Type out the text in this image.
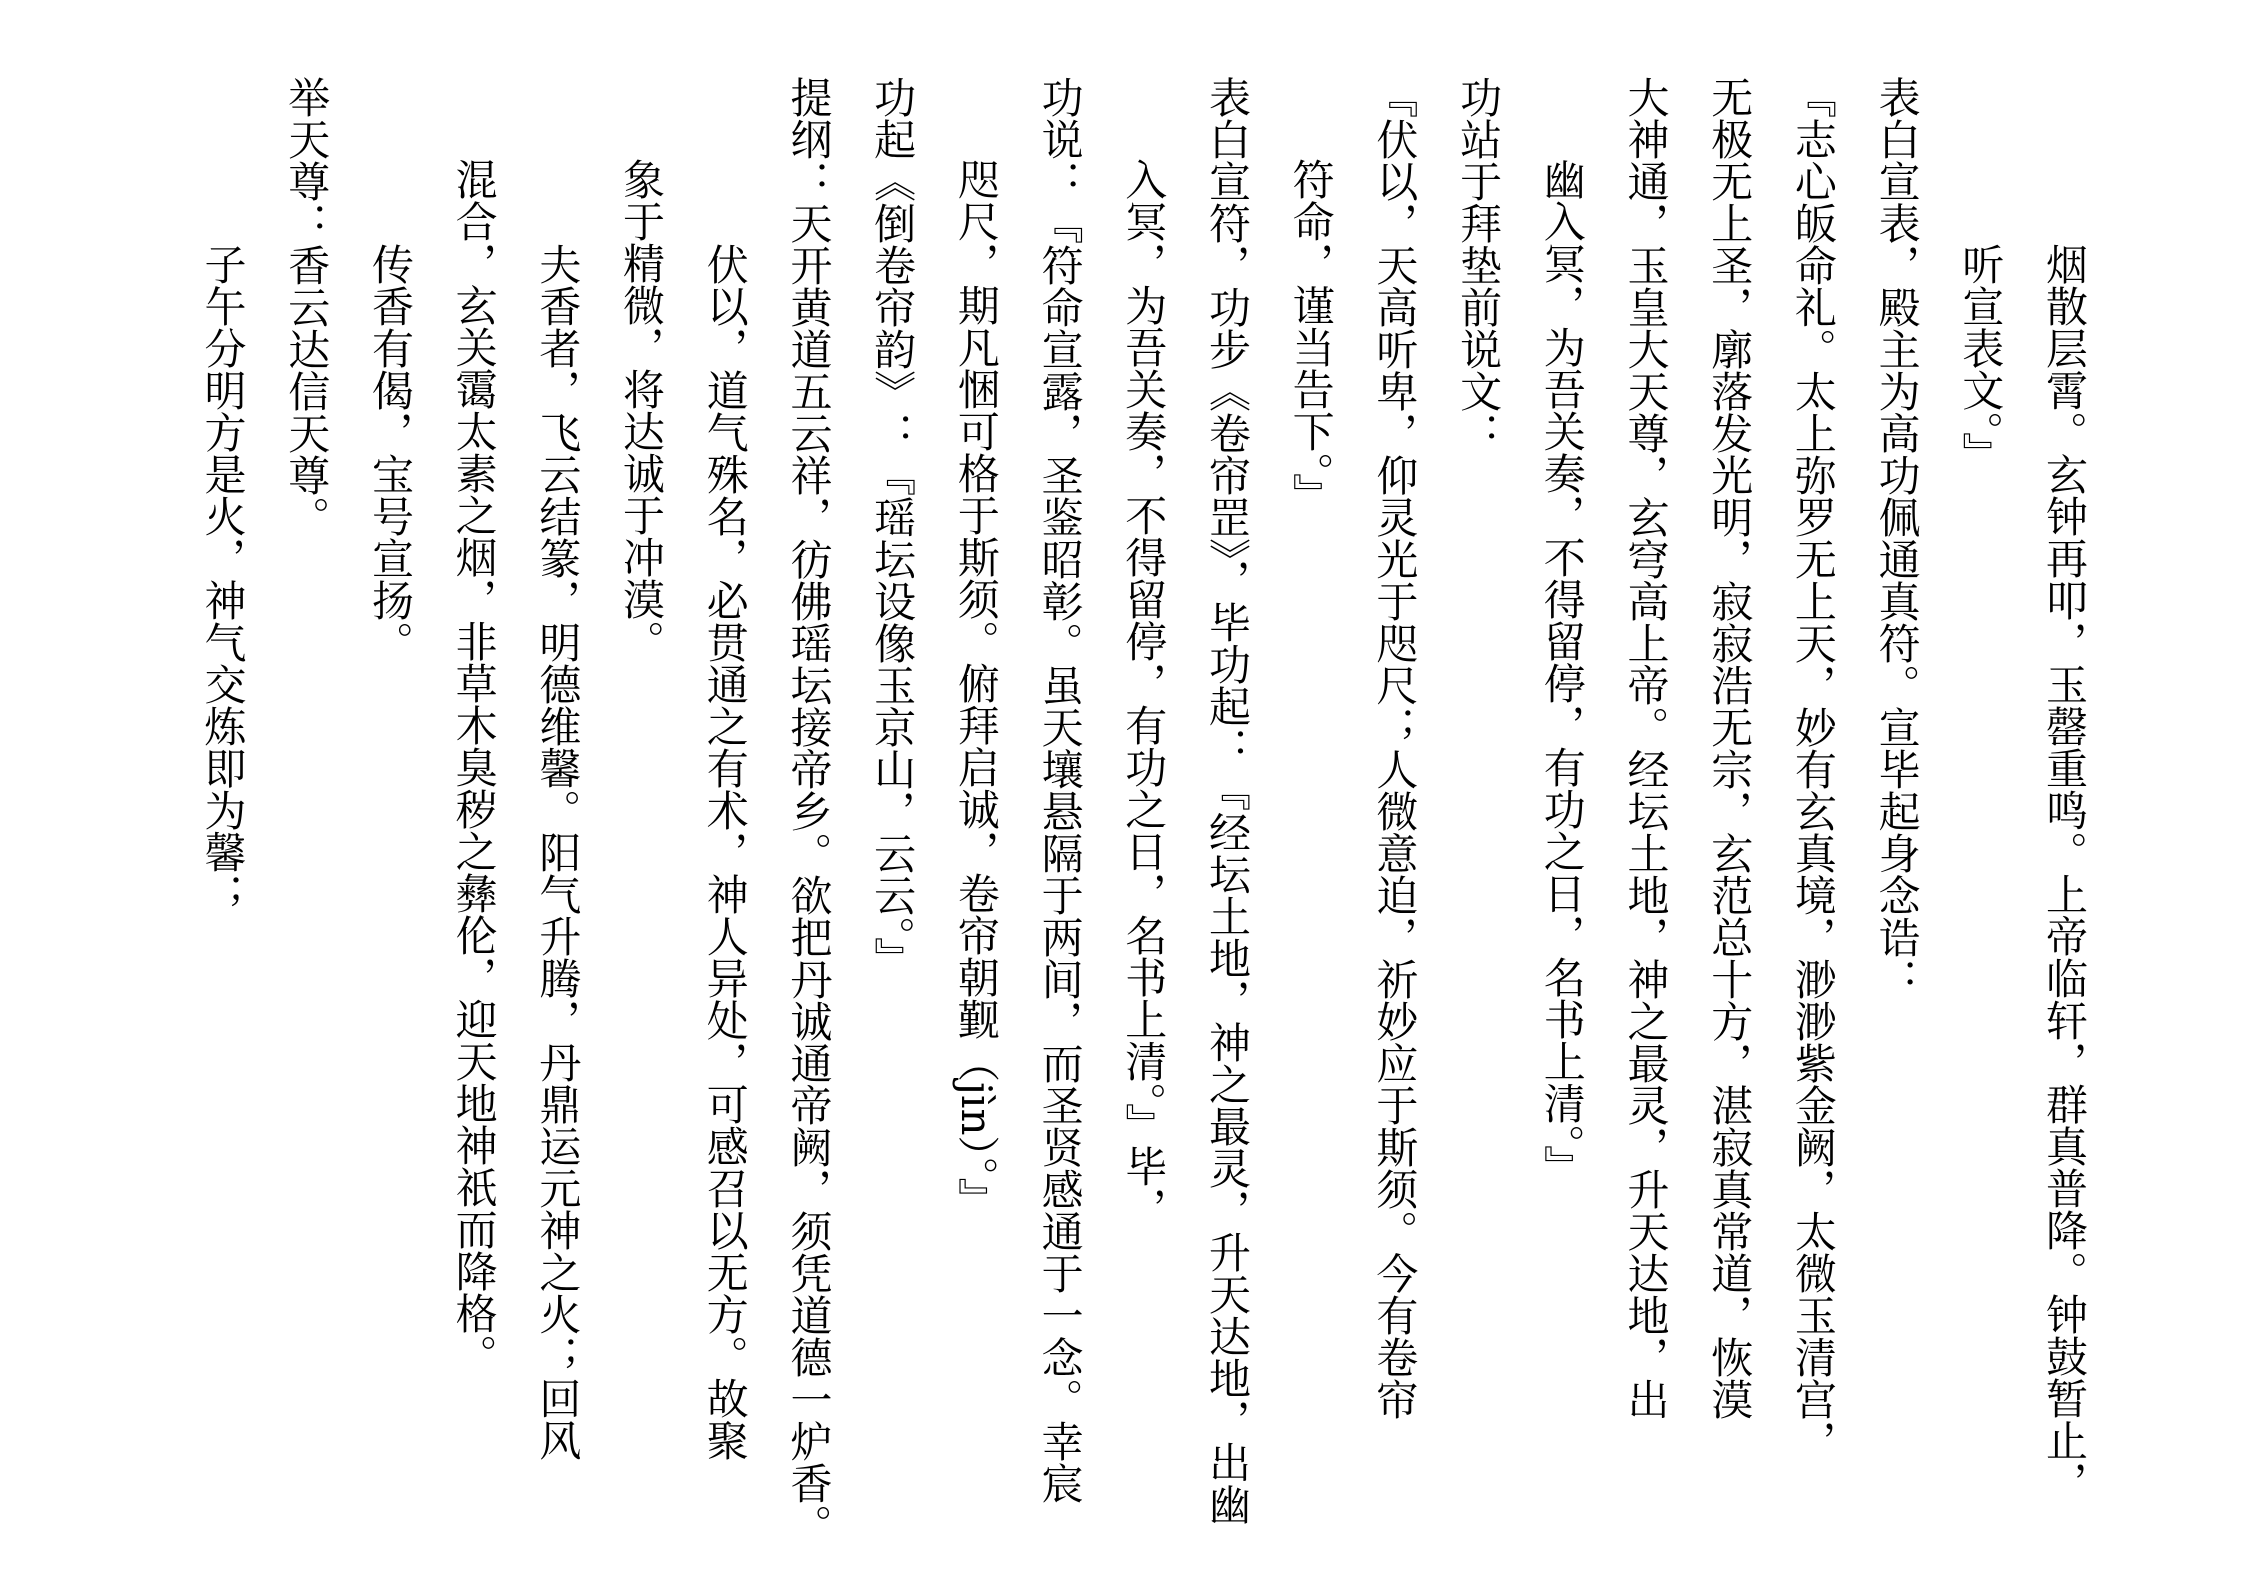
烟散层霄。玄钟再叩，玉罄重鸣。上帝临轩，群真普降。钟鼓暂止，
听宣表文。』
表白宣表，殿主为高功佩通真符。宣毕起身念诰：
『志心皈命礼。太上弥罗无上天，妙有玄真境，渺渺紫金阙，太微玉清宫，
无极无上圣，廓落发光明，寂寂浩无宗，玄范总十方，湛寂真常道，恢漠
大神通，玉皇大天尊，玄穹高上帝。经坛土地，神之最灵，升天达地，出
幽入冥，为吾关奏，不得留停，有功之日，名书上清。』
功站于拜垫前说文：
『伏以，天高听卑，仰灵光于咫尺；人微意迫，祈妙应于斯须。今有卷帘
符命，谨当告下。』
表白宣符，功步《卷帘罡》，毕功起：『经坛土地，神之最灵，升天达地，出幽
入冥，为吾关奏，不得留停，有功之日，名书上清。』毕，
功说：『符命宣露，圣鉴昭彰。虽天壤悬隔于两间，而圣贤感通于一念。幸宸
咫尺，期凡悃可格于斯须。俯拜启诚，卷帘朝觐（jìn）。』
功起《倒卷帘韵》：『瑶坛设像玉京山，云云。』
提纲：天开黄道五云祥，彷佛瑶坛接帝乡。欲把丹诚通帝阙，须凭道德一炉香。
伏以，道气殊名，必贯通之有术，神人异处，可感召以无方。故聚
象于精微，将达诚于冲漠。
夫香者，飞云结篆，明德维馨。阳气升腾，丹鼎运元神之火；回风
混合，玄关霭太素之烟，非草木臭秽之彝伦，迎天地神祇而降格。
传香有偈，宝号宣扬。
举天尊：香云达信天尊。
子午分明方是火，神气交炼即为馨；
